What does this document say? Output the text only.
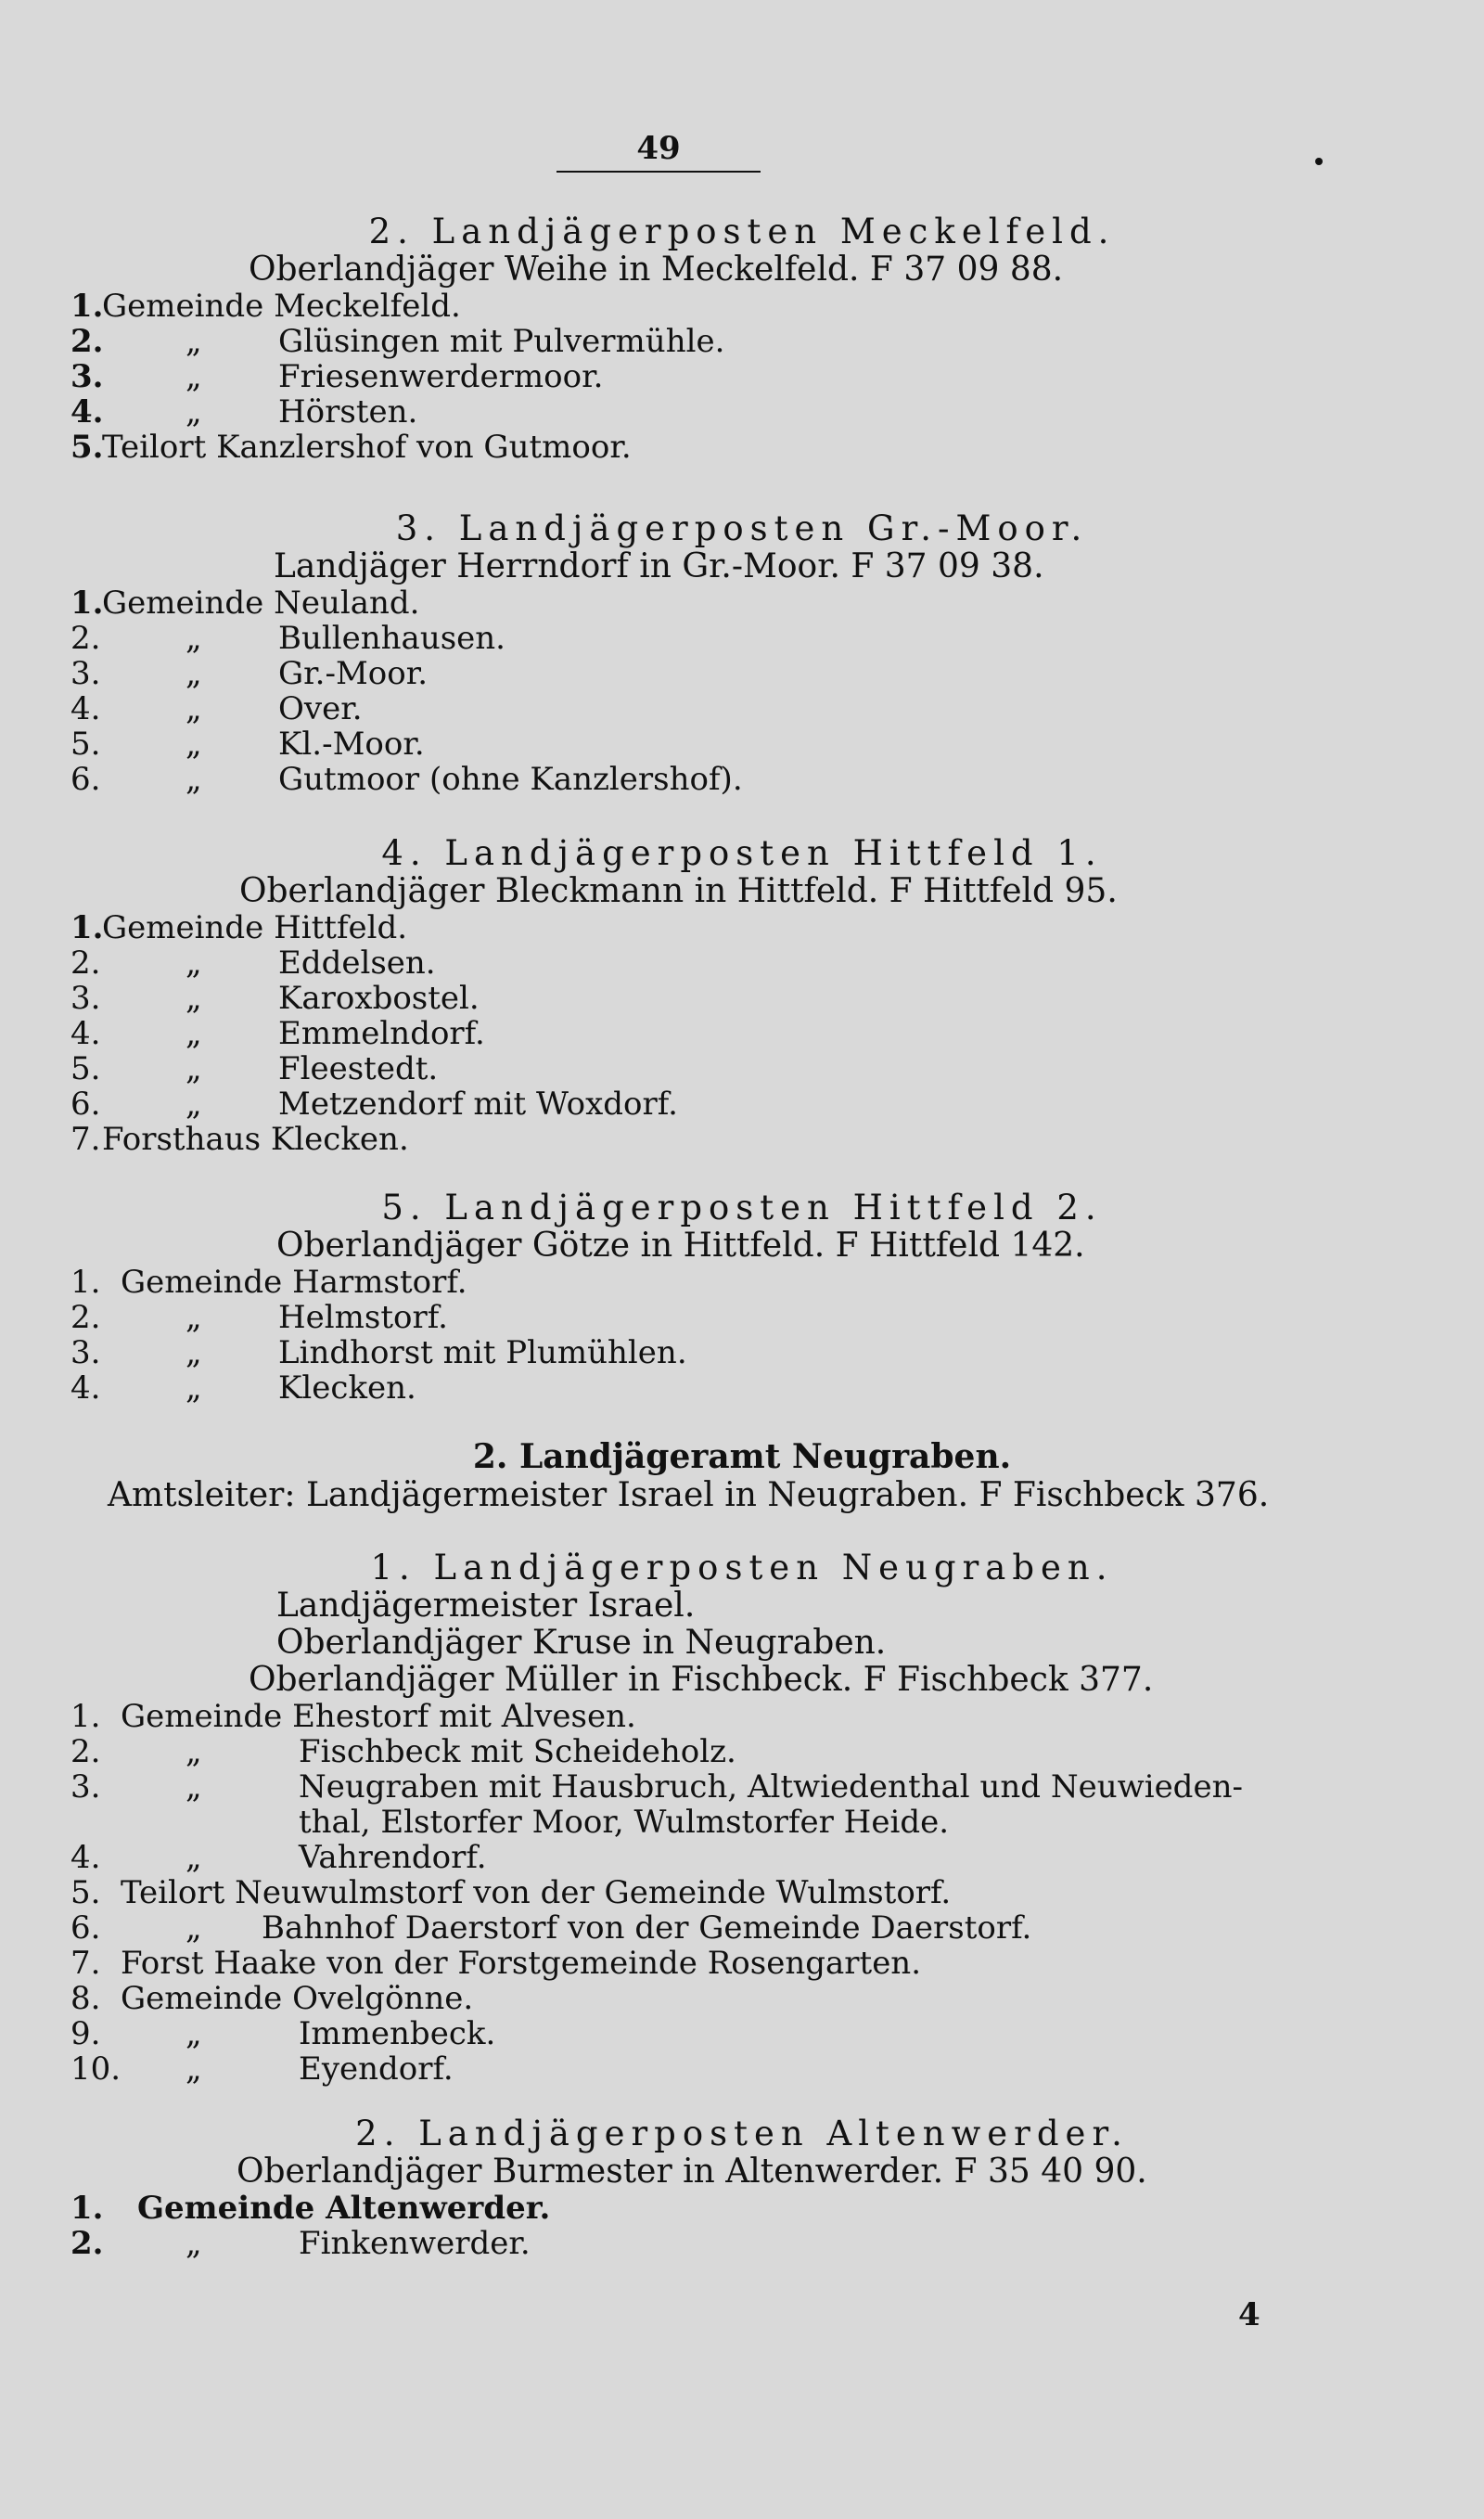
49
2. Landjägerposten Meckelfeld.
Oberlandjäger Weihe in Meckelfeld. F 37 09 88.
1.
Gemeinde Meckelfeld.
2.	„ Glüsingen mit Pulvermühle.
3.	„ Friesenwerdermoor.
4.	„ Hörsten.
5.
Teilort Kanzlershof von Gutmoor.
3. Landjägerposten Gr.-Moor.
Landjäger Herrndorf in Gr.-Moor. F 37 09 38.
1.
Gemeinde Neuland.
2.	„ Bullenhausen.
3.	„ Gr.-Moor.
4.	„ Over.
5.	„ Kl.-Moor.
6.	„ Gutmoor (ohne Kanzlershof).
4. Landjägerposten Hittfeld 1.
Oberlandjäger Bleckmann in Hittfeld. F Hittfeld 95.
1.
Gemeinde Hittfeld.
2.	„ Eddelsen.
3.	„ Karoxbostel.
4.	„ Emmelndorf.
5.	„ Fleestedt.
6.	„ Metzendorf mit Woxdorf.
7. Forsthaus Klecken.
5. Landjägerposten Hittfeld 2.
Oberlandjäger Götze in Hittfeld. F Hittfeld 142.
1. Gemeinde Harmstorf.
2.	„ Helmstorf.
3.	„ Lindhorst mit Plumühlen.
4.	„ Klecken.
2. Landjägeramt Neugraben.
Amtsleiter: Landjägermeister Israel in Neugraben. F Fischbeck 376.
1. Landjägerposten Neugraben.
Landjägermeister Israel.
Oberlandjäger Kruse in Neugraben.
Oberlandjäger Müller in Fischbeck. F Fischbeck 377.
1. Gemeinde Ehestorf mit Alvesen.
2.	„	Fischbeck mit Scheideholz.
3.	„	Neugraben mit Hausbruch, Altwiedenthal und Neuwieden-
thal, Elstorfer Moor, Wulmstorfer Heide.
4.	„	Vahrendorf.
5. Teilort Neuwulmstorf von der Gemeinde Wulmstorf.
6.	„ Bahnhof Daerstorf von der Gemeinde Daerstorf.
7. Forst Haake von der Forstgemeinde Rosengarten.
8. Gemeinde Ovelgönne.
9.	„	Immenbeck.
10.	„	Eyendorf.
2. Landjägerposten Altenwerder.
Oberlandjäger Burmester in Altenwerder. F 35 40 90.
1.	Gemeinde Altenwerder.
2.	„	Finkenwerder.
4
